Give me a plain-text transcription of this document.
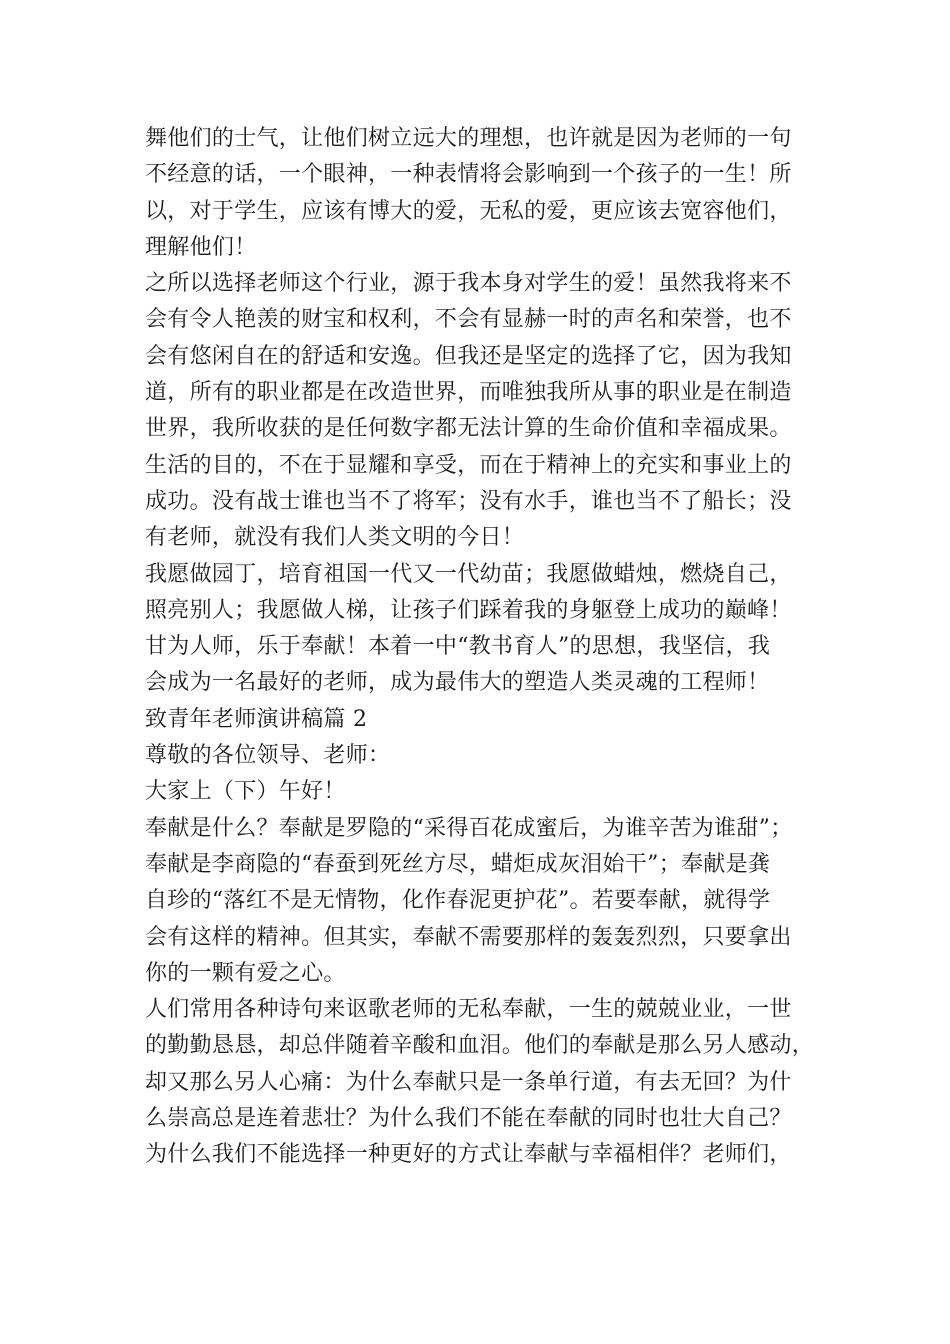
舞他们的士气，让他们树立远大的理想，也许就是因为老师的一句
不经意的话，一个眼神，一种表情将会影响到一个孩子的一生！所
以，对于学生，应该有博大的爱，无私的爱，更应该去宽容他们，
理解他们！
之所以选择老师这个行业，源于我本身对学生的爱！虽然我将来不
会有令人艳羡的财宝和权利，不会有显赫一时的声名和荣誉，也不
会有悠闲自在的舒适和安逸。但我还是坚定的选择了它，因为我知
道，所有的职业都是在改造世界，而唯独我所从事的职业是在制造
世界，我所收获的是任何数字都无法计算的生命价值和幸福成果。
生活的目的，不在于显耀和享受，而在于精神上的充实和事业上的
成功。没有战士谁也当不了将军；没有水手，谁也当不了船长；没
有老师，就没有我们人类文明的今日！
我愿做园丁，培育祖国一代又一代幼苗；我愿做蜡烛，燃烧自己，
照亮别人；我愿做人梯，让孩子们踩着我的身躯登上成功的巅峰！
甘为人师，乐于奉献！本着一中“教书育人”的思想，我坚信，我
会成为一名最好的老师，成为最伟大的塑造人类灵魂的工程师！
致青年老师演讲稿篇 2
尊敬的各位领导、老师：
大家上（下）午好！
奉献是什么？奉献是罗隐的“采得百花成蜜后，为谁辛苦为谁甜”；
奉献是李商隐的“春蚕到死丝方尽，蜡炬成灰泪始干”；奉献是龚
自珍的“落红不是无情物，化作春泥更护花”。若要奉献，就得学
会有这样的精神。但其实，奉献不需要那样的轰轰烈烈，只要拿出
你的一颗有爱之心。
人们常用各种诗句来讴歌老师的无私奉献，一生的兢兢业业，一世
的勤勤恳恳，却总伴随着辛酸和血泪。他们的奉献是那么另人感动，
却又那么另人心痛：为什么奉献只是一条单行道，有去无回？为什
么崇高总是连着悲壮？为什么我们不能在奉献的同时也壮大自己？
为什么我们不能选择一种更好的方式让奉献与幸福相伴？老师们，
